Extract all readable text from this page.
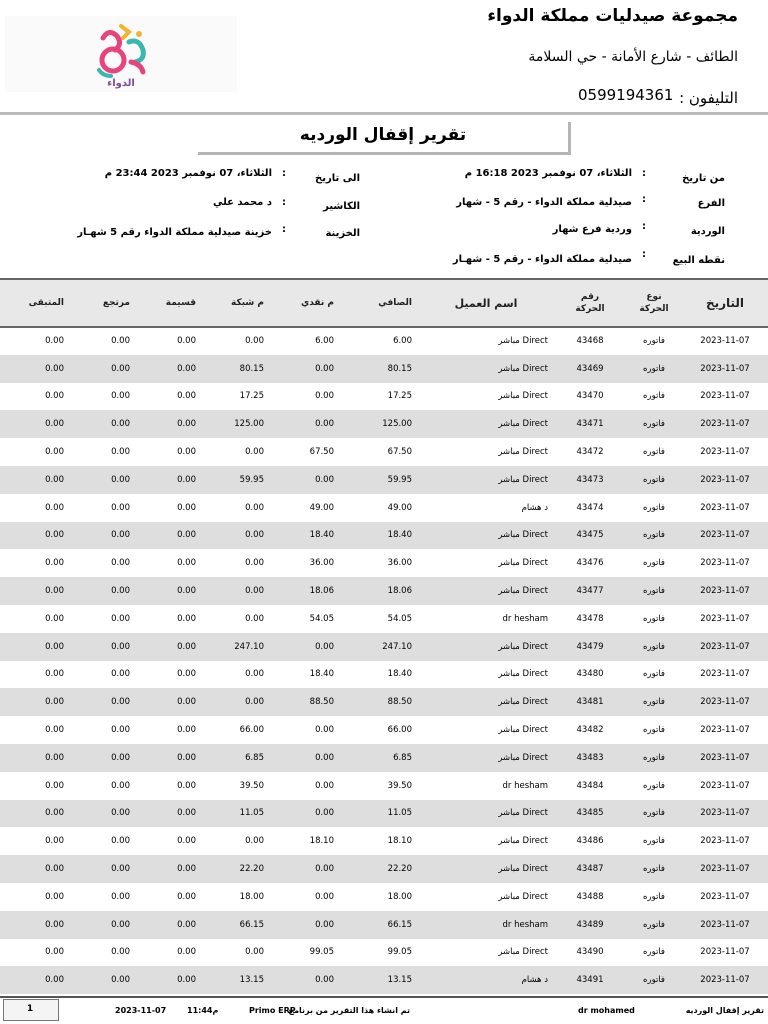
مجموعة صيدليات مملكة الدواء
الطائف - شارع الأمانة - حي السلامة
التليفون :
0599194361
الدواء
تقرير إقفال الورديه
من تاريخ
:
الثلاثاء، 07 نوفمبر 2023 16:18 م
الفرع
:
صيدلية مملكة الدواء - رقم 5 - شهار
الوردية
:
وردية فرع شهار
نقطه البيع
:
صيدلية مملكة الدواء - رقم 5 - شهـار
الى تاريخ
:
الثلاثاء، 07 نوفمبر 2023 23:44 م
الكاشير
:
د محمد علي
الخزينة
:
خزينة صيدلية مملكة الدواء رقم 5 شهـار
المتبقى	مرتجع	قسيمة	م شبكة	م نقدي	الصافي	اسم العميل	رقم الحركة	نوع الحركة	التاريخ
0.00	0.00	0.00	0.00	6.00	6.00	مباشر Direct	43468	فاتوره	2023-11-07
0.00	0.00	0.00	80.15	0.00	80.15	مباشر Direct	43469	فاتوره	2023-11-07
0.00	0.00	0.00	17.25	0.00	17.25	مباشر Direct	43470	فاتوره	2023-11-07
0.00	0.00	0.00	125.00	0.00	125.00	مباشر Direct	43471	فاتوره	2023-11-07
0.00	0.00	0.00	0.00	67.50	67.50	مباشر Direct	43472	فاتوره	2023-11-07
0.00	0.00	0.00	59.95	0.00	59.95	مباشر Direct	43473	فاتوره	2023-11-07
0.00	0.00	0.00	0.00	49.00	49.00	د هشام	43474	فاتوره	2023-11-07
0.00	0.00	0.00	0.00	18.40	18.40	مباشر Direct	43475	فاتوره	2023-11-07
0.00	0.00	0.00	0.00	36.00	36.00	مباشر Direct	43476	فاتوره	2023-11-07
0.00	0.00	0.00	0.00	18.06	18.06	مباشر Direct	43477	فاتوره	2023-11-07
0.00	0.00	0.00	0.00	54.05	54.05	dr hesham	43478	فاتوره	2023-11-07
0.00	0.00	0.00	247.10	0.00	247.10	مباشر Direct	43479	فاتوره	2023-11-07
0.00	0.00	0.00	0.00	18.40	18.40	مباشر Direct	43480	فاتوره	2023-11-07
0.00	0.00	0.00	0.00	88.50	88.50	مباشر Direct	43481	فاتوره	2023-11-07
0.00	0.00	0.00	66.00	0.00	66.00	مباشر Direct	43482	فاتوره	2023-11-07
0.00	0.00	0.00	6.85	0.00	6.85	مباشر Direct	43483	فاتوره	2023-11-07
0.00	0.00	0.00	39.50	0.00	39.50	dr hesham	43484	فاتوره	2023-11-07
0.00	0.00	0.00	11.05	0.00	11.05	مباشر Direct	43485	فاتوره	2023-11-07
0.00	0.00	0.00	0.00	18.10	18.10	مباشر Direct	43486	فاتوره	2023-11-07
0.00	0.00	0.00	22.20	0.00	22.20	مباشر Direct	43487	فاتوره	2023-11-07
0.00	0.00	0.00	18.00	0.00	18.00	مباشر Direct	43488	فاتوره	2023-11-07
0.00	0.00	0.00	66.15	0.00	66.15	dr hesham	43489	فاتوره	2023-11-07
0.00	0.00	0.00	0.00	99.05	99.05	مباشر Direct	43490	فاتوره	2023-11-07
0.00	0.00	0.00	13.15	0.00	13.15	د هشام	43491	فاتوره	2023-11-07
1	2023-11-07	م11:44	Primo ERP
تم انشاء هذا التقرير من برنامج	dr mohamed	تقرير إقفال الورديه
